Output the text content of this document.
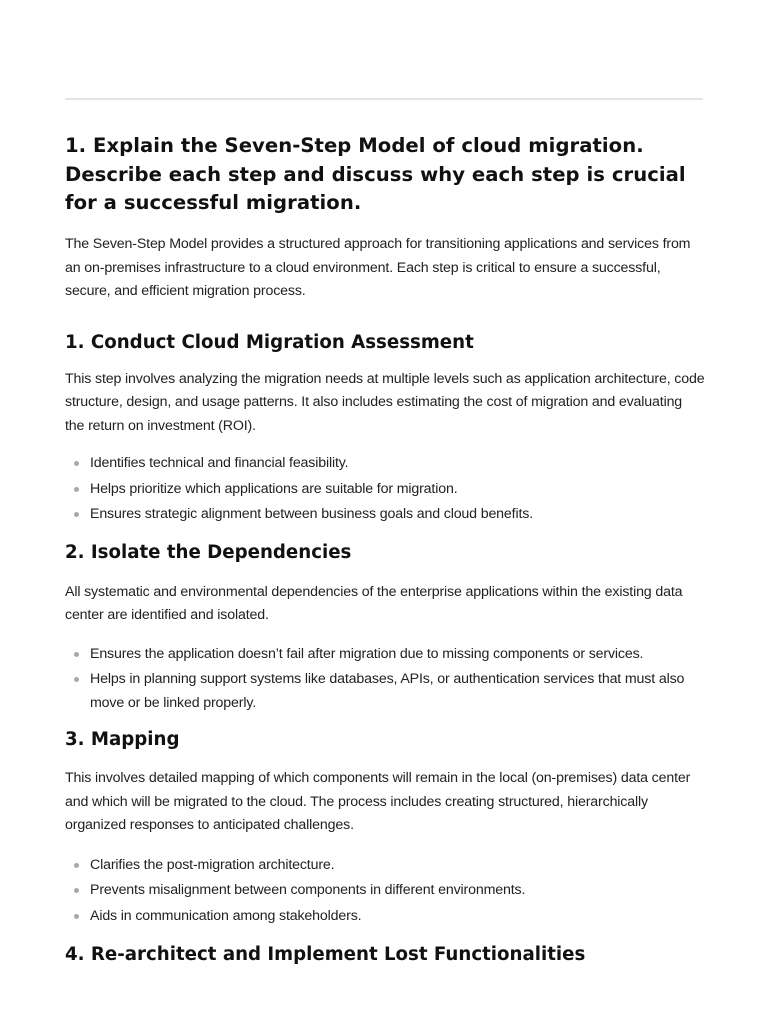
1. Explain the Seven-Step Model of cloud migration. Describe each step and discuss why each step is crucial for a successful migration.

The Seven-Step Model provides a structured approach for transitioning applications and services from an on-premises infrastructure to a cloud environment. Each step is critical to ensure a successful, secure, and efficient migration process.

1. Conduct Cloud Migration Assessment

This step involves analyzing the migration needs at multiple levels such as application architecture, code structure, design, and usage patterns. It also includes estimating the cost of migration and evaluating the return on investment (ROI).

Identifies technical and financial feasibility.
Helps prioritize which applications are suitable for migration.
Ensures strategic alignment between business goals and cloud benefits.
2. Isolate the Dependencies

All systematic and environmental dependencies of the enterprise applications within the existing data center are identified and isolated.

Ensures the application doesn’t fail after migration due to missing components or services.
Helps in planning support systems like databases, APIs, or authentication services that must also move or be linked properly.
3. Mapping

This involves detailed mapping of which components will remain in the local (on-premises) data center and which will be migrated to the cloud. The process includes creating structured, hierarchically organized responses to anticipated challenges.

Clarifies the post-migration architecture.
Prevents misalignment between components in different environments.
Aids in communication among stakeholders.
4. Re-architect and Implement Lost Functionalities
